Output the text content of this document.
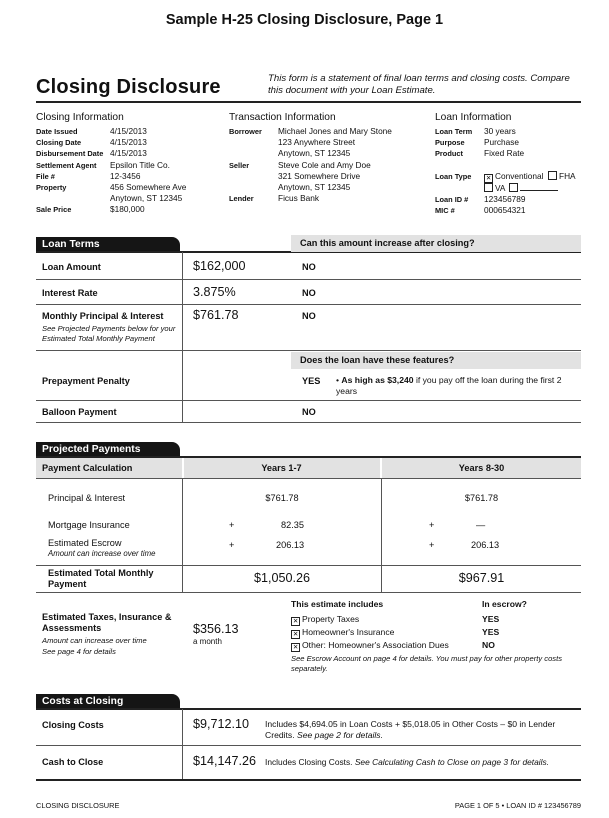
Sample H-25 Closing Disclosure, Page 1
Closing Disclosure	This form is a statement of final loan terms and closing costs. Compare this document with your Loan Estimate.
Closing Information
Date Issued	4/15/2013
Closing Date	4/15/2013
Disbursement Date 4/15/2013
Settlement Agent	Epsilon Title Co.
File #	12-3456
Property	456 Somewhere Ave
Anytown, ST 12345
Sale Price	$180,000
Transaction Information
Borrower	Michael Jones and Mary Stone
123 Anywhere Street
Anytown, ST 12345
Seller	Steve Cole and Amy Doe
321 Somewhere Drive
Anytown, ST 12345
Lender	Ficus Bank
Loan Information
Loan Term	30 years
Purpose	Purchase
Product	Fixed Rate
Loan Type	✕ Conventional	FHA
VA
Loan ID #	123456789
MIC #	000654321
Loan Terms	Can this amount increase after closing?
Loan Amount	$162,000	NO
Interest Rate	3.875%	NO
Monthly Principal & Interest
See Projected Payments below for your Estimated Total Monthly Payment
$761.78	NO
Does the loan have these features?
Prepayment Penalty	YES • As high as $3,240 if you pay off the loan during the first 2 years
Balloon Payment	NO
Projected Payments
Payment Calculation	Years 1-7	Years 8-30
Principal & Interest	$761.78	$761.78
Mortgage Insurance	+	82.35	+	—
Estimated Escrow
Amount can increase over time
+	206.13	+	206.13
Estimated Total Monthly Payment	$1,050.26	$967.91
Estimated Taxes, Insurance & Assessments
Amount can increase over time
See page 4 for details
$356.13
a month
This estimate includes	In escrow?
✕ Property Taxes	YES
✕ Homeowner's Insurance	YES
✕ Other: Homeowner's Association Dues	NO
See Escrow Account on page 4 for details. You must pay for other property costs separately.
Costs at Closing
Closing Costs	$9,712.10 Includes $4,694.05 in Loan Costs + $5,018.05 in Other Costs – $0 in Lender Credits. See page 2 for details.
Cash to Close	$14,147.26 Includes Closing Costs. See Calculating Cash to Close on page 3 for details.
CLOSING DISCLOSURE	PAGE 1 OF 5 • LOAN ID # 123456789
